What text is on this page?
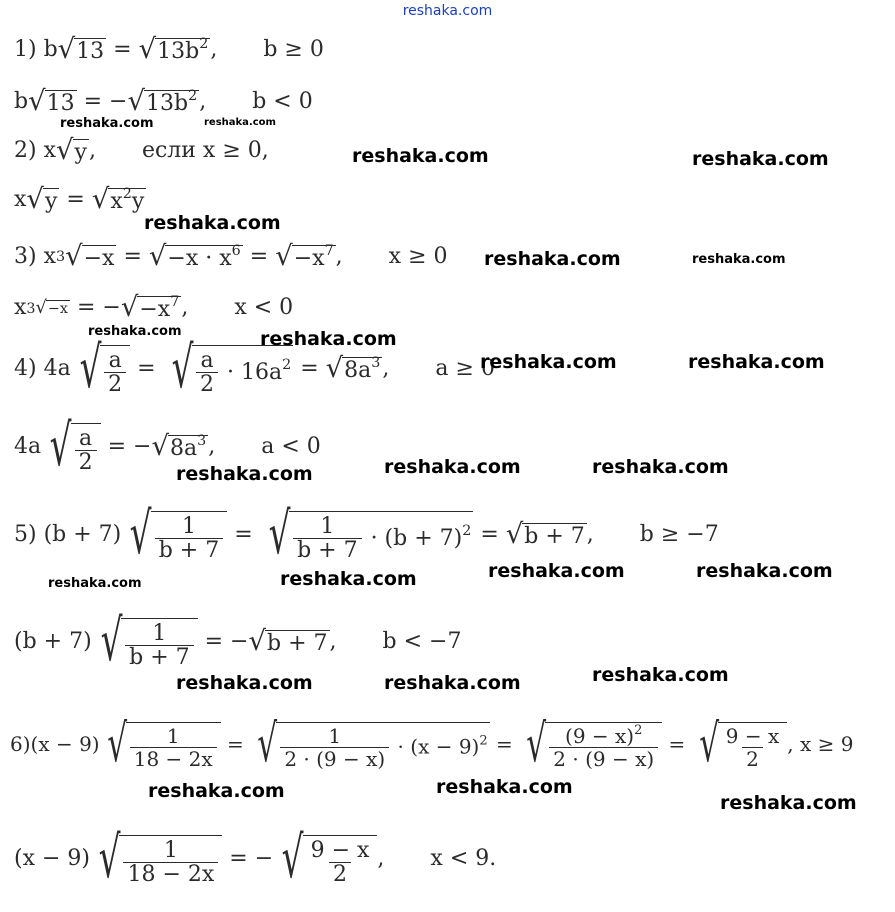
reshaka.com
1) b √ 13 = √ $13b^2$ , b ≥ 0
b √ 13 = − √ $13b^2$ , b < 0
2) x √ y , если x ≥ 0,
x √ y = √ $x^2y$
3) x 3 √ −x = √ $-x \cdot x^6$ = √ $-x^7$ , x ≥ 0
x 3 √ −x = − √ $-x^7$ , x < 0
4) 4a √ $\frac{a}{2}$ = √ $\frac{a}{2} \cdot 16a^2$ = √ $8a^3$ , a ≥ 0
4a √ $\frac{a}{2}$ = − √ $8a^3$ , a < 0
5) (b + 7) √ $\frac{1}{b + 7}$ = √ $\frac{1}{b + 7} \cdot (b + 7)^2$ = √ b + 7 , b ≥ −7
(b + 7) √ $\frac{1}{b + 7}$ = − √ b + 7 , b < −7
6)(x − 9) √ $\frac{1}{18 - 2x}$ = √ $\frac{1}{2 \cdot (9 - x)} \cdot (x - 9)^2$ = √ $\frac{(9 - x)^2}{2 \cdot (9 - x)}$ = √ $\frac{9 - x}{2}$ , x ≥ 9
(x − 9) √ $\frac{1}{18 - 2x}$ = − √ $\frac{9 - x}{2}$ , x < 9.
reshaka.com	reshaka.com
reshaka.com	reshaka.com
reshaka.com
reshaka.com	reshaka.com
reshaka.com	reshaka.com
reshaka.com	reshaka.com
reshaka.com	reshaka.com
reshaka.com
reshaka.com	reshaka.com	reshaka.com	reshaka.com
reshaka.com
reshaka.com	reshaka.com
reshaka.com	reshaka.com
reshaka.com
